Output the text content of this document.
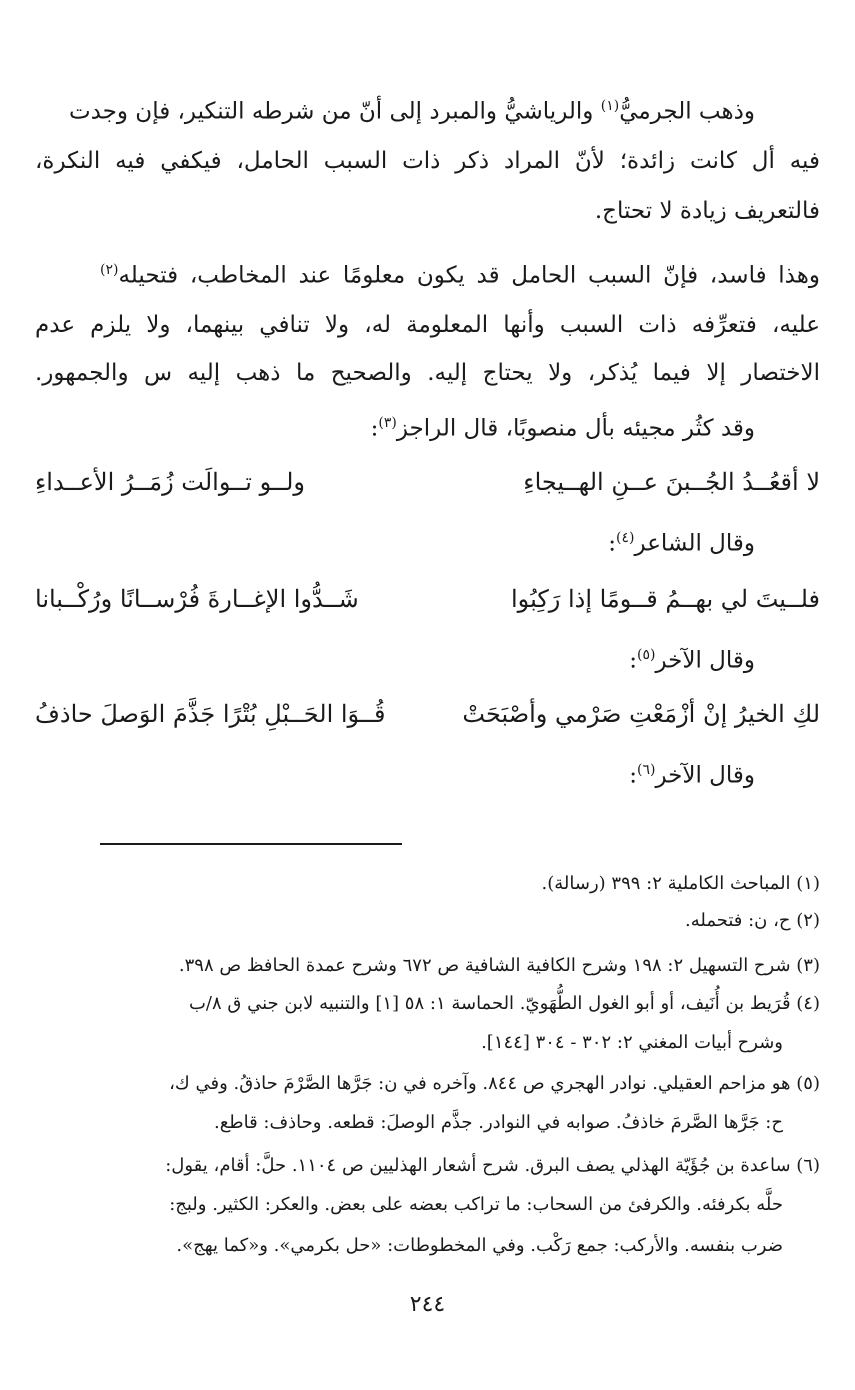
وذهب الجرميُّ$^{(١)}$ والرياشيُّ والمبرد إلى أنّ من شرطه التنكير، فإن وجدت
فيه أل كانت زائدة؛ لأنّ المراد ذكر ذات السبب الحامل، فيكفي فيه النكرة،
فالتعريف زيادة لا تحتاج.
وهذا فاسد، فإنّ السبب الحامل قد يكون معلومًا عند المخاطب، فتحيله$^{(٢)}$
عليه، فتعرِّفه ذات السبب وأنها المعلومة له، ولا تنافي بينهما، ولا يلزم عدم
الاختصار إلا فيما يُذكر، ولا يحتاج إليه. والصحيح ما ذهب إليه س والجمهور.
وقد كثُر مجيئه بأل منصوبًا، قال الراجز$^{(٣)}$:
لا أقعُــدُ الجُــبنَ عــنِ الهــيجاءِ
ولــو تــوالَت زُمَــرُ الأعــداءِ
وقال الشاعر$^{(٤)}$:
فلــيتَ لي بهــمُ قــومًا إذا رَكِبُوا
شَــدُّوا الإغــارةَ فُرْســانًا ورُكْــبانا
وقال الآخر$^{(٥)}$:
لكِ الخيرُ إنْ أزْمَعْتِ صَرْمي وأصْبَحَتْ
قُــوَا الحَــبْلِ بُتْرًا جَذَّمَ الوَصلَ حاذفُ
وقال الآخر$^{(٦)}$:
(١) المباحث الكاملية ٢: ٣٩٩ (رسالة).
(٢) ح، ن: فتحمله.
(٣) شرح التسهيل ٢: ١٩٨ وشرح الكافية الشافية ص ٦٧٢ وشرح عمدة الحافظ ص ٣٩٨.
(٤) قُرَيط بن أُنَيف، أو أبو الغول الطُّهَويّ. الحماسة ١: ٥٨ [١] والتنبيه لابن جني ق ٨/ب
وشرح أبيات المغني ٢: ٣٠٢ - ٣٠٤ [١٤٤].
(٥) هو مزاحم العقيلي. نوادر الهجري ص ٨٤٤. وآخره في ن: جَرَّها الصَّرْمَ حاذقُ. وفي ك،
ح: جَرَّها الصَّرمَ خاذفُ. صوابه في النوادر. جذَّم الوصلَ: قطعه. وحاذف: قاطع.
(٦) ساعدة بن جُؤَيّة الهذلي يصف البرق. شرح أشعار الهذليين ص ١١٠٤. حلَّ: أقام، يقول:
حلَّه بكرفئه. والكرفئ من السحاب: ما تراكب بعضه على بعض. والعكر: الكثير. ولبج:
ضرب بنفسه. والأركب: جمع رَكْب. وفي المخطوطات: «حل بكرمي». و«كما يهج».
٢٤٤
